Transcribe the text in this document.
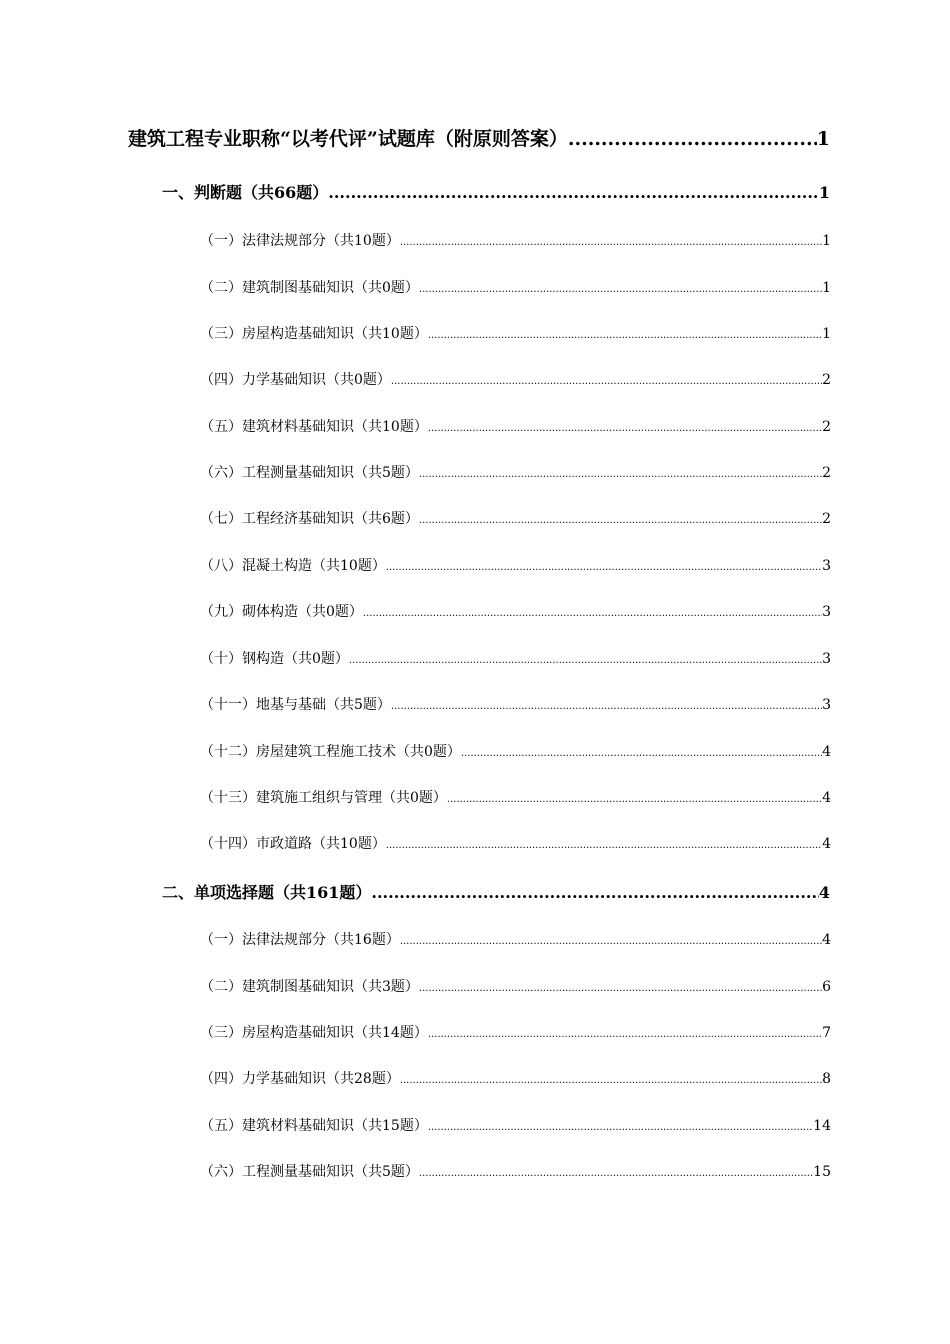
建筑工程专业职称“以考代评”试题库（附原则答案） .....	1
一、判断题（共66题） .....	1
（一）法律法规部分（共10题） .....	1
（二）建筑制图基础知识（共0题） .....	1
（三）房屋构造基础知识（共10题） .....	1
（四）力学基础知识（共0题） .....	2
（五）建筑材料基础知识（共10题） .....	2
（六）工程测量基础知识（共5题） .....	2
（七）工程经济基础知识（共6题） .....	2
（八）混凝土构造（共10题） .....	3
（九）砌体构造（共0题） .....	3
（十）钢构造（共0题） .....	3
（十一）地基与基础（共5题） .....	3
（十二）房屋建筑工程施工技术（共0题） .....	4
（十三）建筑施工组织与管理（共0题） .....	4
（十四）市政道路（共10题） .....	4
二、单项选择题（共161题） .....	4
（一）法律法规部分（共16题） .....	4
（二）建筑制图基础知识（共3题） .....	6
（三）房屋构造基础知识（共14题） .....	7
（四）力学基础知识（共28题） .....	8
（五）建筑材料基础知识（共15题） .....	14
（六）工程测量基础知识（共5题） .....	15
